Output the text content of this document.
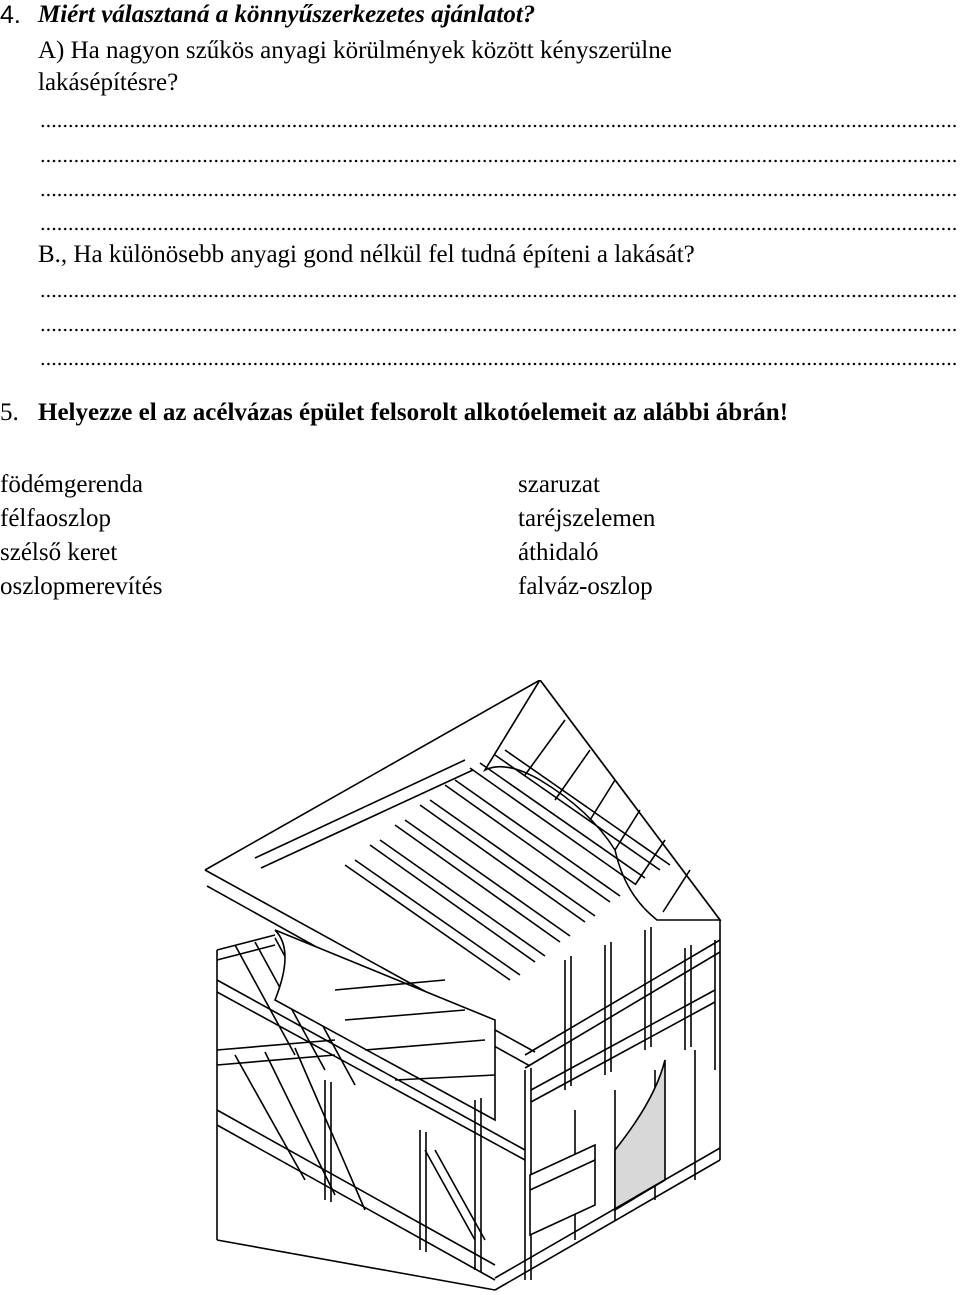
4. Miért választaná a könnyűszerkezetes ajánlatot?
A) Ha nagyon szűkös anyagi körülmények között kényszerülne
lakásépítésre?
B., Ha különösebb anyagi gond nélkül fel tudná építeni a lakását?
5. Helyezze el az acélvázas épület felsorolt alkotóelemeit az alábbi ábrán!
födémgerenda
félfaoszlop
szélső keret
oszlopmerevítés
szaruzat
taréjszelemen
áthidaló
falváz-oszlop
